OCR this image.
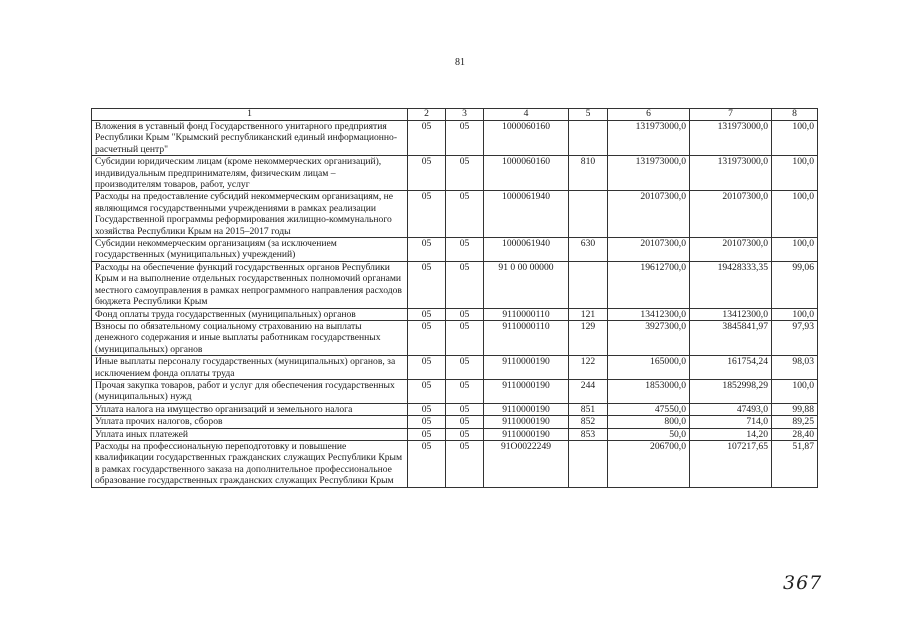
81
1	2	3	4	5	6	7	8
Вложения в уставный фонд Государственного унитарного предприятия Республики Крым "Крымский республиканский единый информационно-расчетный центр"	05	05	1000060160		131973000,0	131973000,0	100,0
Субсидии юридическим лицам (кроме некоммерческих организаций), индивидуальным предпринимателям, физическим лицам – производителям товаров, работ, услуг	05	05	1000060160	810	131973000,0	131973000,0	100,0
Расходы на предоставление субсидий некоммерческим организациям, не являющимся государственными учреждениями в рамках реализации Государственной программы реформирования жилищно-коммунального хозяйства Республики Крым на 2015–2017 годы	05	05	1000061940		20107300,0	20107300,0	100,0
Субсидии некоммерческим организациям (за исключением государственных (муниципальных) учреждений)	05	05	1000061940	630	20107300,0	20107300,0	100,0
Расходы на обеспечение функций государственных органов Республики Крым и на выполнение отдельных государственных полномочий органами местного самоуправления в рамках непрограммного направления расходов бюджета Республики Крым	05	05	91 0 00 00000		19612700,0	19428333,35	99,06
Фонд оплаты труда государственных (муниципальных) органов	05	05	9110000110	121	13412300,0	13412300,0	100,0
Взносы по обязательному социальному страхованию на выплаты денежного содержания и иные выплаты работникам государственных (муниципальных) органов	05	05	9110000110	129	3927300,0	3845841,97	97,93
Иные выплаты персоналу государственных (муниципальных) органов, за исключением фонда оплаты труда	05	05	9110000190	122	165000,0	161754,24	98,03
Прочая закупка товаров, работ и услуг для обеспечения государственных (муниципальных) нужд	05	05	9110000190	244	1853000,0	1852998,29	100,0
Уплата налога на имущество организаций и земельного налога	05	05	9110000190	851	47550,0	47493,0	99,88
Уплата прочих налогов, сборов	05	05	9110000190	852	800,0	714,0	89,25
Уплата иных платежей	05	05	9110000190	853	50,0	14,20	28,40
Расходы на профессиональную переподготовку и повышение квалификации государственных гражданских служащих Республики Крым в рамках государственного заказа на дополнительное профессиональное образование государственных гражданских служащих Республики Крым	05	05	91O0022249		206700,0	107217,65	51,87
367
